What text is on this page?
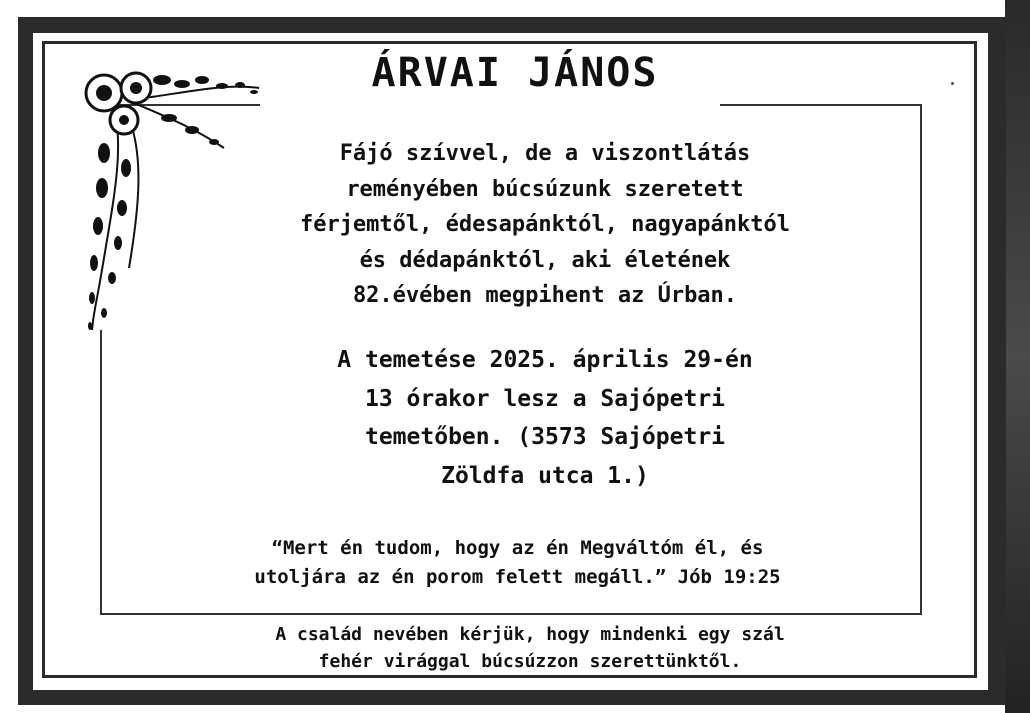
ÁRVAI JÁNOS
Fájó szívvel, de a viszontlátás
reményében búcsúzunk szeretett
férjemtől, édesapánktól, nagyapánktól
és dédapánktól, aki életének
82.évében megpihent az Úrban.
A temetése 2025. április 29-én
13 órakor lesz a Sajópetri
temetőben. (3573 Sajópetri
Zöldfa utca 1.)
“Mert én tudom, hogy az én Megváltóm él, és
utoljára az én porom felett megáll.” Jób 19:25
A család nevében kérjük, hogy mindenki egy szál
fehér virággal búcsúzzon szerettünktől.
